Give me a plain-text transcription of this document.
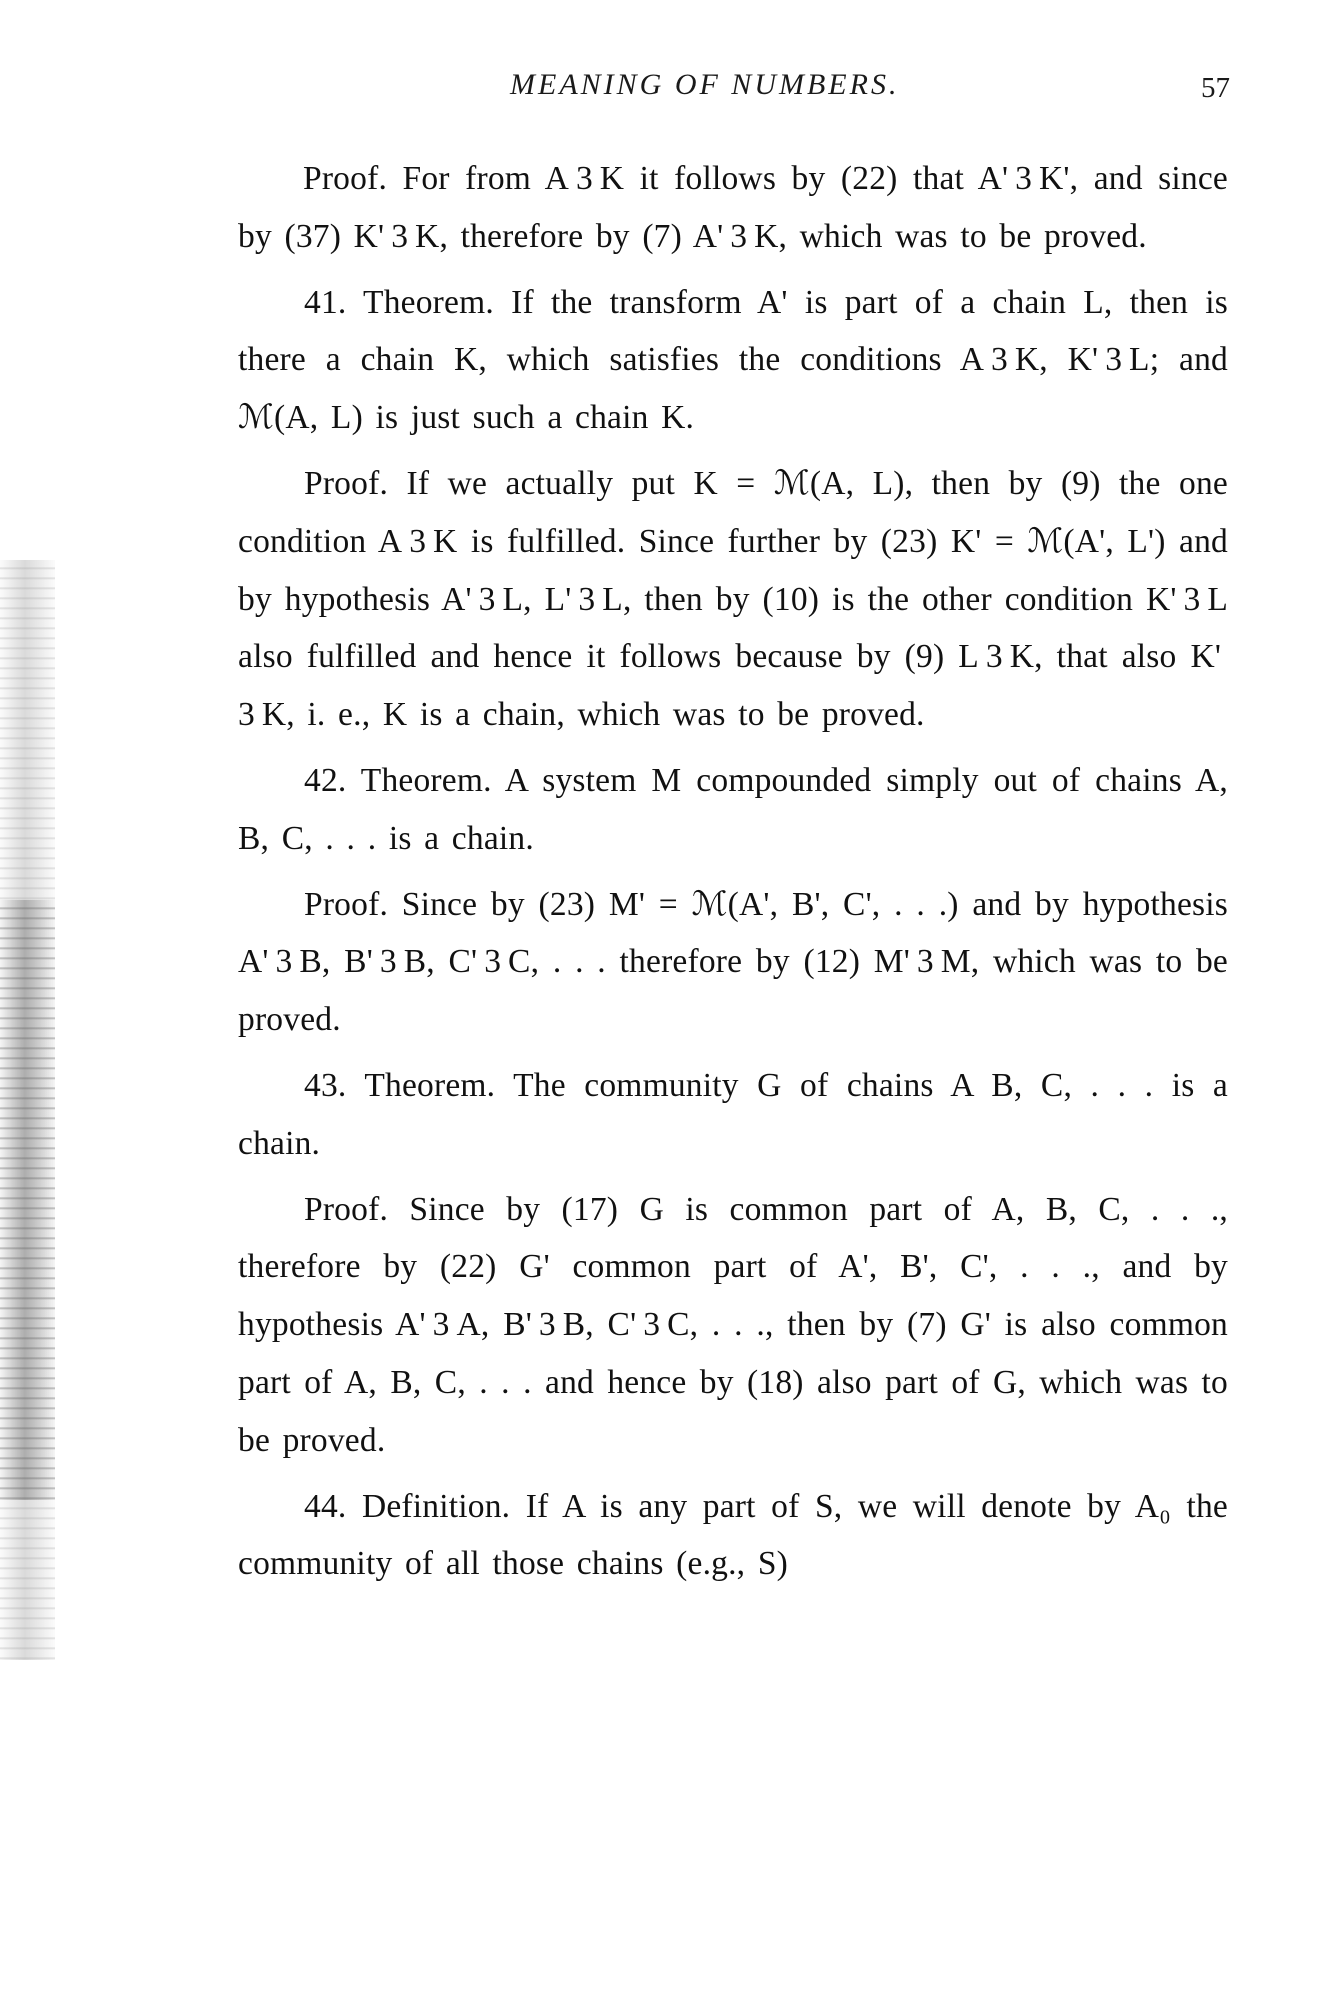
MEANING OF NUMBERS.	57

Proof. For from A 3 K it follows by (22) that A' 3 K', and since by (37) K' 3 K, therefore by (7) A' 3 K, which was to be proved.

41. Theorem. If the transform A' is part of a chain L, then is there a chain K, which satisfies the conditions A 3 K, K' 3 L; and ℳ(A, L) is just such a chain K.

Proof. If we actually put K = ℳ(A, L), then by (9) the one condition A 3 K is fulfilled. Since further by (23) K' = ℳ(A', L') and by hypothesis A' 3 L, L' 3 L, then by (10) is the other condition K' 3 L also fulfilled and hence it follows because by (9) L 3 K, that also K' 3 K, i. e., K is a chain, which was to be proved.

42. Theorem. A system M compounded simply out of chains A, B, C, . . . is a chain.

Proof. Since by (23) M' = ℳ(A', B', C', . . .) and by hypothesis A' 3 B, B' 3 B, C' 3 C, . . . therefore by (12) M' 3 M, which was to be proved.

43. Theorem. The community G of chains A B, C, . . . is a chain.

Proof. Since by (17) G is common part of A, B, C, . . ., therefore by (22) G' common part of A', B', C', . . ., and by hypothesis A' 3 A, B' 3 B, C' 3 C, . . ., then by (7) G' is also common part of A, B, C, . . . and hence by (18) also part of G, which was to be proved.

44. Definition. If A is any part of S, we will denote by A₀ the community of all those chains (e.g., S)
